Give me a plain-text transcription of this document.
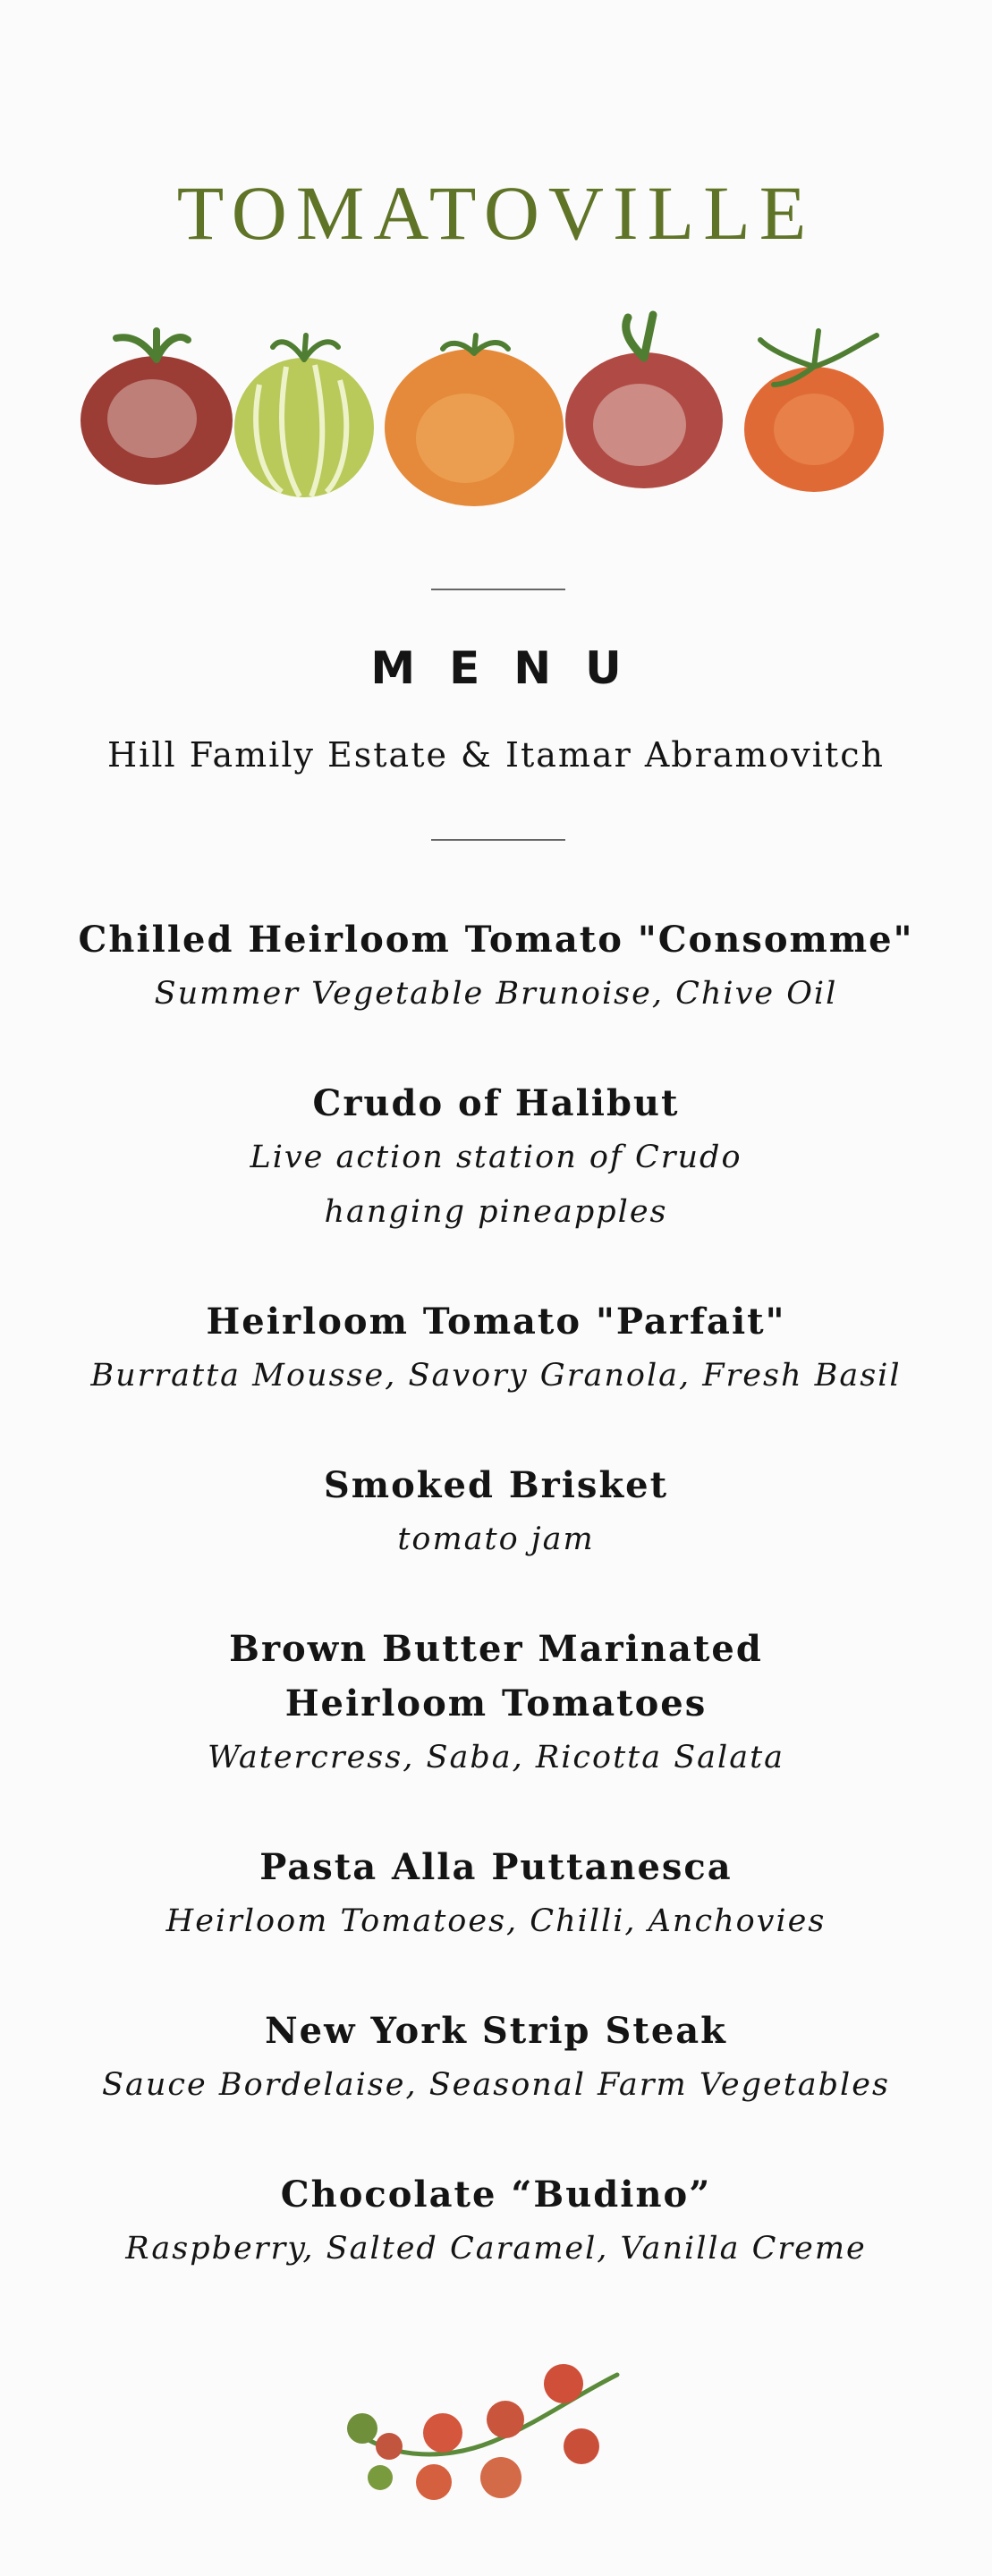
TOMATOVILLE
MENU
Hill Family Estate & Itamar Abramovitch
Chilled Heirloom Tomato "Consomme"
Summer Vegetable Brunoise, Chive Oil
Crudo of Halibut
Live action station of Crudo
hanging pineapples
Heirloom Tomato "Parfait"
Burratta Mousse, Savory Granola, Fresh Basil
Smoked Brisket
tomato jam
Brown Butter Marinated
Heirloom Tomatoes
Watercress, Saba, Ricotta Salata
Pasta Alla Puttanesca
Heirloom Tomatoes, Chilli, Anchovies
New York Strip Steak
Sauce Bordelaise, Seasonal Farm Vegetables
Chocolate “Budino”
Raspberry, Salted Caramel, Vanilla Creme
